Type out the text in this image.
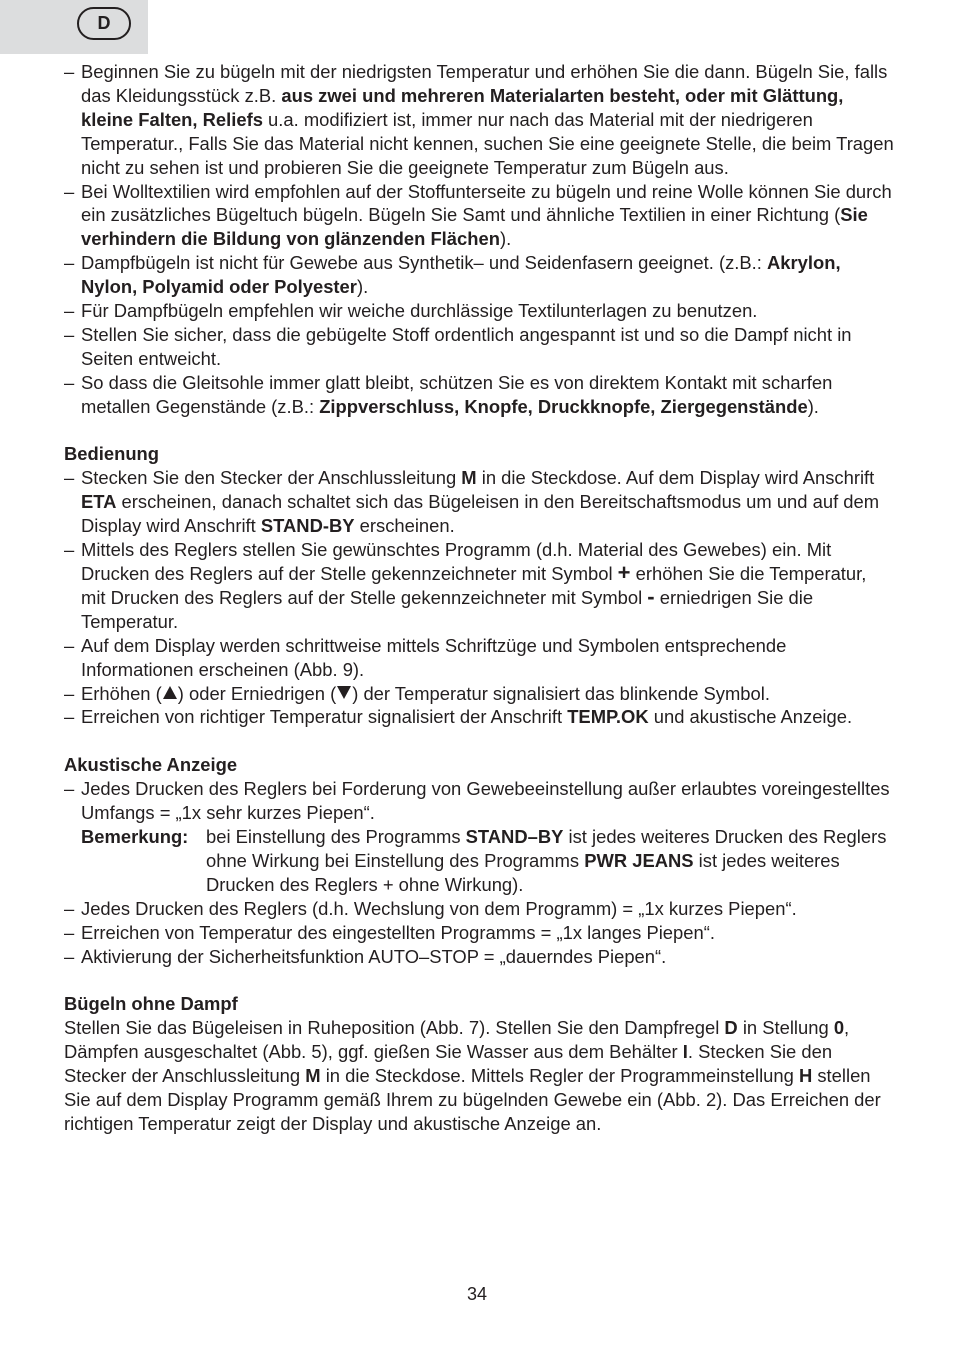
D
– Beginnen Sie zu bügeln mit der niedrigsten Temperatur und erhöhen Sie die dann. Bügeln Sie, falls das Kleidungsstück z.B. aus zwei und mehreren Materialarten besteht, oder mit Glättung, kleine Falten, Reliefs u.a. modifiziert ist, immer nur nach das Material mit der niedrigeren Temperatur., Falls Sie das Material nicht kennen, suchen Sie eine geeignete Stelle, die beim Tragen nicht zu sehen ist und probieren Sie die geeignete Temperatur zum Bügeln aus.
– Bei Wolltextilien wird empfohlen auf der Stoffunterseite zu bügeln und reine Wolle können Sie durch ein zusätzliches Bügeltuch bügeln. Bügeln Sie Samt und ähnliche Textilien in einer Richtung (Sie verhindern die Bildung von glänzenden Flächen).
– Dampfbügeln ist nicht für Gewebe aus Synthetik– und Seidenfasern geeignet. (z.B.: Akrylon, Nylon, Polyamid oder Polyester).
– Für Dampfbügeln empfehlen wir weiche durchlässige Textilunterlagen zu benutzen.
– Stellen Sie sicher, dass die gebügelte Stoff ordentlich angespannt ist und so die Dampf nicht in Seiten entweicht.
– So dass die Gleitsohle immer glatt bleibt, schützen Sie es von direktem Kontakt mit scharfen metallen Gegenstände (z.B.: Zippverschluss, Knopfe, Druckknopfe, Ziergegenstände).
Bedienung
– Stecken Sie den Stecker der Anschlussleitung M in die Steckdose. Auf dem Display wird Anschrift ETA erscheinen, danach schaltet sich das Bügeleisen in den Bereitschaftsmodus um und auf dem Display wird Anschrift STAND-BY erscheinen.
– Mittels des Reglers stellen Sie gewünschtes Programm (d.h. Material des Gewebes) ein. Mit Drucken des Reglers auf der Stelle gekennzeichneter mit Symbol + erhöhen Sie die Temperatur, mit Drucken des Reglers auf der Stelle gekennzeichneter mit Symbol - erniedrigen Sie die Temperatur.
– Auf dem Display werden schrittweise mittels Schriftzüge und Symbolen entsprechende Informationen erscheinen (Abb. 9).
– Erhöhen ( ) oder Erniedrigen ( ) der Temperatur signalisiert das blinkende Symbol.
– Erreichen von richtiger Temperatur signalisiert der Anschrift TEMP.OK und akustische Anzeige.
Akustische Anzeige
– Jedes Drucken des Reglers bei Forderung von Gewebeeinstellung außer erlaubtes voreingestelltes Umfangs = „1x sehr kurzes Piepen“.
Bemerkung: bei Einstellung des Programms STAND–BY ist jedes weiteres Drucken des Reglers ohne Wirkung bei Einstellung des Programms PWR JEANS ist jedes weiteres Drucken des Reglers + ohne Wirkung).
– Jedes Drucken des Reglers (d.h. Wechslung von dem Programm) = „1x kurzes Piepen“.
– Erreichen von Temperatur des eingestellten Programms = „1x langes Piepen“.
– Aktivierung der Sicherheitsfunktion AUTO–STOP = „dauerndes Piepen“.
Bügeln ohne Dampf
Stellen Sie das Bügeleisen in Ruheposition (Abb. 7). Stellen Sie den Dampfregel D in Stellung 0, Dämpfen ausgeschaltet (Abb. 5), ggf. gießen Sie Wasser aus dem Behälter I. Stecken Sie den Stecker der Anschlussleitung M in die Steckdose. Mittels Regler der Programmeinstellung H stellen Sie auf dem Display Programm gemäß Ihrem zu bügelnden Gewebe ein (Abb. 2). Das Erreichen der richtigen Temperatur zeigt der Display und akustische Anzeige an.
34
